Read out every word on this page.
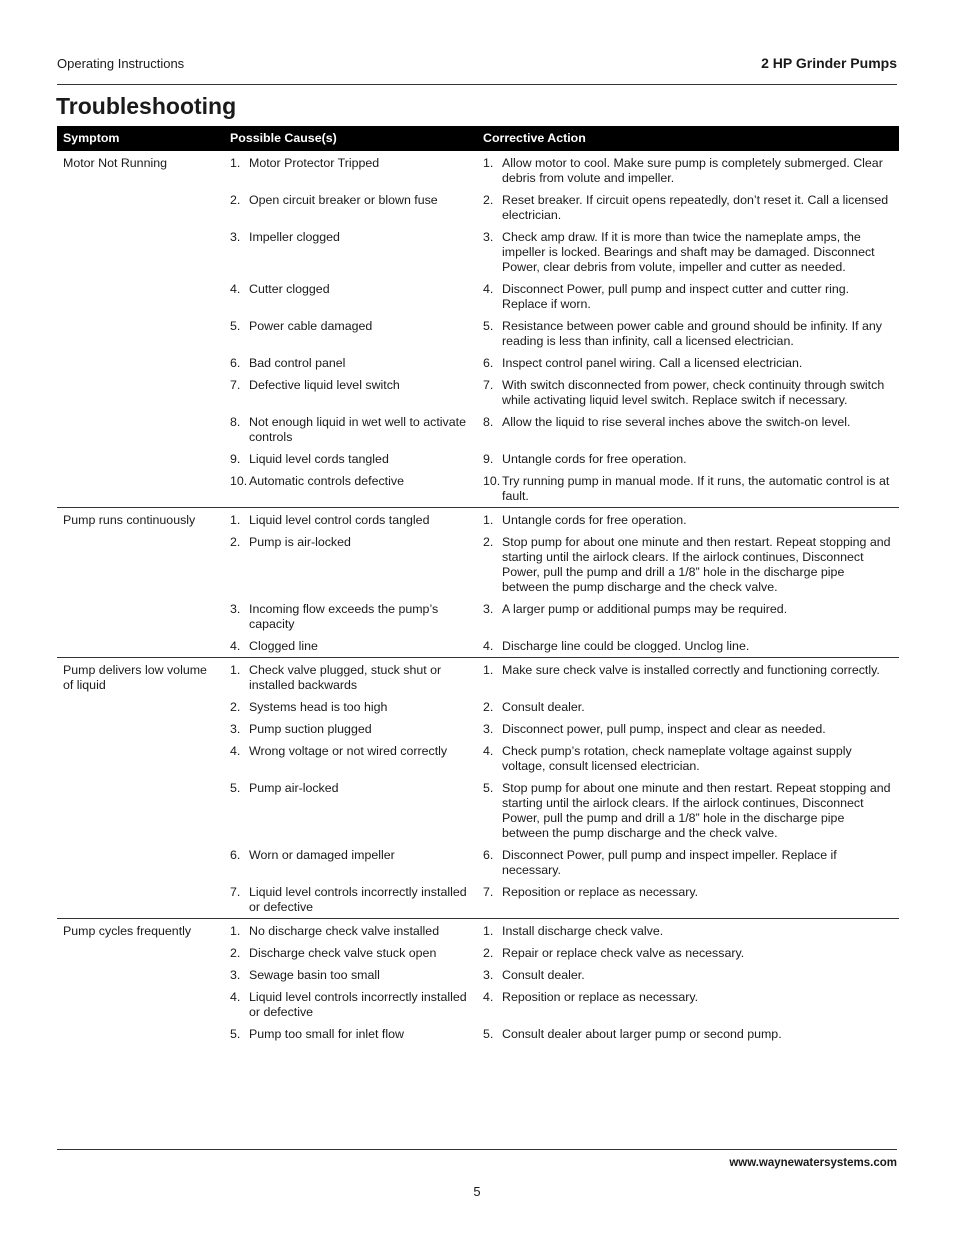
Operating Instructions	2 HP Grinder Pumps
Troubleshooting
Symptom	Possible Cause(s)	Corrective Action
Motor Not Running	1. Motor Protector Tripped	1. Allow motor to cool. Make sure pump is completely submerged. Clear debris from volute and impeller.

	2. Open circuit breaker or blown fuse	2. Reset breaker. If circuit opens repeatedly, don’t reset it. Call a licensed electrician.

	3. Impeller clogged	3. Check amp draw. If it is more than twice the nameplate amps, the impeller is locked. Bearings and shaft may be damaged. Disconnect Power, clear debris from volute, impeller and cutter as needed.

	4. Cutter clogged	4. Disconnect Power, pull pump and inspect cutter and cutter ring. Replace if worn.

	5. Power cable damaged	5. Resistance between power cable and ground should be infinity. If any reading is less than infinity, call a licensed electrician.

	6. Bad control panel	6. Inspect control panel wiring. Call a licensed electrician.

	7. Defective liquid level switch	7. With switch disconnected from power, check continuity through switch while activating liquid level switch. Replace switch if necessary.

	8. Not enough liquid in wet well to activate controls	8. Allow the liquid to rise several inches above the switch-on level.

	9. Liquid level cords tangled	9. Untangle cords for free operation.

	10. Automatic controls defective	10. Try running pump in manual mode. If it runs, the automatic control is at fault.

Pump runs continuously	1. Liquid level control cords tangled	1. Untangle cords for free operation.

	2. Pump is air-locked	2. Stop pump for about one minute and then restart. Repeat stopping and starting until the airlock clears. If the airlock continues, Disconnect Power, pull the pump and drill a 1/8” hole in the discharge pipe between the pump discharge and the check valve.

	3. Incoming flow exceeds the pump’s capacity	3. A larger pump or additional pumps may be required.

	4. Clogged line	4. Discharge line could be clogged. Unclog line.

Pump delivers low volume of liquid	1. Check valve plugged, stuck shut or installed backwards	1. Make sure check valve is installed correctly and functioning correctly.

	2. Systems head is too high	2. Consult dealer.

	3. Pump suction plugged	3. Disconnect power, pull pump, inspect and clear as needed.

	4. Wrong voltage or not wired correctly	4. Check pump’s rotation, check nameplate voltage against supply voltage, consult licensed electrician.

	5. Pump air-locked	5. Stop pump for about one minute and then restart. Repeat stopping and starting until the airlock clears. If the airlock continues, Disconnect Power, pull the pump and drill a 1/8” hole in the discharge pipe between the pump discharge and the check valve.

	6. Worn or damaged impeller	6. Disconnect Power, pull pump and inspect impeller. Replace if necessary.

	7. Liquid level controls incorrectly installed or defective	7. Reposition or replace as necessary.

Pump cycles frequently	1. No discharge check valve installed	1. Install discharge check valve.

	2. Discharge check valve stuck open	2. Repair or replace check valve as necessary.

	3. Sewage basin too small	3. Consult dealer.

	4. Liquid level controls incorrectly installed or defective	4. Reposition or replace as necessary.

	5. Pump too small for inlet flow	5. Consult dealer about larger pump or second pump.
www.waynewatersystems.com
5
